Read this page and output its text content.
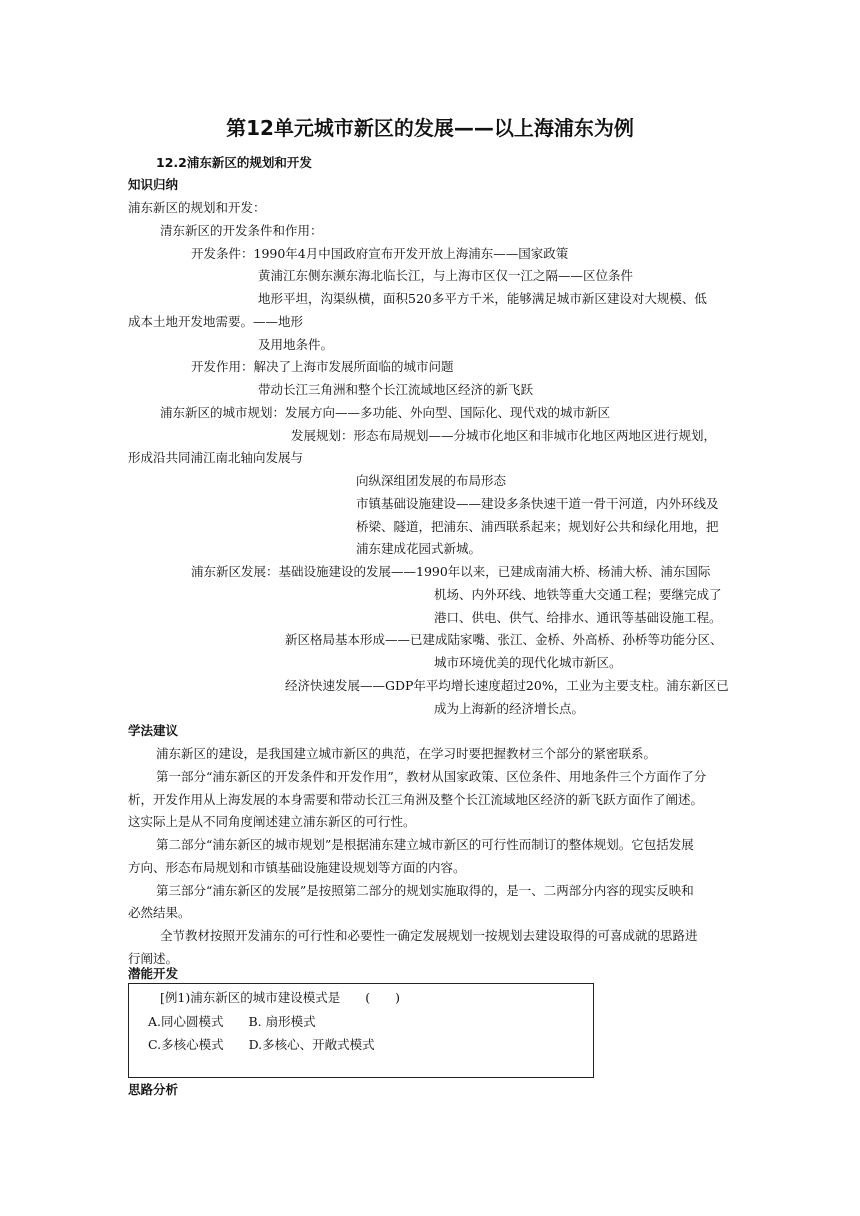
第12单元城市新区的发展——以上海浦东为例
12.2浦东新区的规划和开发
知识归纳
浦东新区的规划和开发：
清东新区的开发条件和作用：
开发条件：1990年4月中国政府宣布开发开放上海浦东——国家政策
黄浦江东侧东濒东海北临长江，与上海市区仅一江之隔——区位条件
地形平坦，沟渠纵横，面积520多平方千米，能够满足城市新区建设对大规模、低
成本土地开发地需要。——地形
及用地条件。
开发作用：解决了上海市发展所面临的城市问题
带动长江三角洲和整个长江流域地区经济的新飞跃
浦东新区的城市规划：发展方向——多功能、外向型、国际化、现代戏的城市新区
发展规划：形态布局规划——分城市化地区和非城市化地区两地区进行规划，
形成沿共同浦江南北轴向发展与
向纵深组团发展的布局形态
市镇基础设施建设——建设多条快速干道一骨干河道，内外环线及
桥梁、隧道，把浦东、浦西联系起来；规划好公共和绿化用地，把
浦东建成花园式新城。
浦东新区发展：基础设施建设的发展——1990年以来，已建成南浦大桥、杨浦大桥、浦东国际
机场、内外环线、地铁等重大交通工程；要继完成了
港口、供电、供气、给排水、通讯等基础设施工程。
新区格局基本形成——已建成陆家嘴、张江、金桥、外高桥、孙桥等功能分区、
城市环境优美的现代化城市新区。
经济快速发展——GDP年平均增长速度超过20%，工业为主要支柱。浦东新区已
成为上海新的经济增长点。
学法建议
浦东新区的建设，是我国建立城市新区的典范，在学习时要把握教材三个部分的紧密联系。
第一部分“浦东新区的开发条件和开发作用”，教材从国家政策、区位条件、用地条件三个方面作了分
析，开发作用从上海发展的本身需要和带动长江三角洲及整个长江流域地区经济的新飞跃方面作了阐述。
这实际上是从不同角度阐述建立浦东新区的可行性。
第二部分“浦东新区的城市规划”是根据浦东建立城市新区的可行性而制订的整体规划。它包括发展
方向、形态布局规划和市镇基础设施建设规划等方面的内容。
第三部分“浦东新区的发展”是按照第二部分的规划实施取得的，是一、二两部分内容的现实反映和
必然结果。
全节教材按照开发浦东的可行性和必要性一确定发展规划一按规划去建设取得的可喜成就的思路进
行阐述。
潜能开发
[例1)浦东新区的城市建设模式是　　(　　)
A.同心圆模式　　B. 扇形模式
C.多核心模式　　D.多核心、开敞式模式
思路分析
